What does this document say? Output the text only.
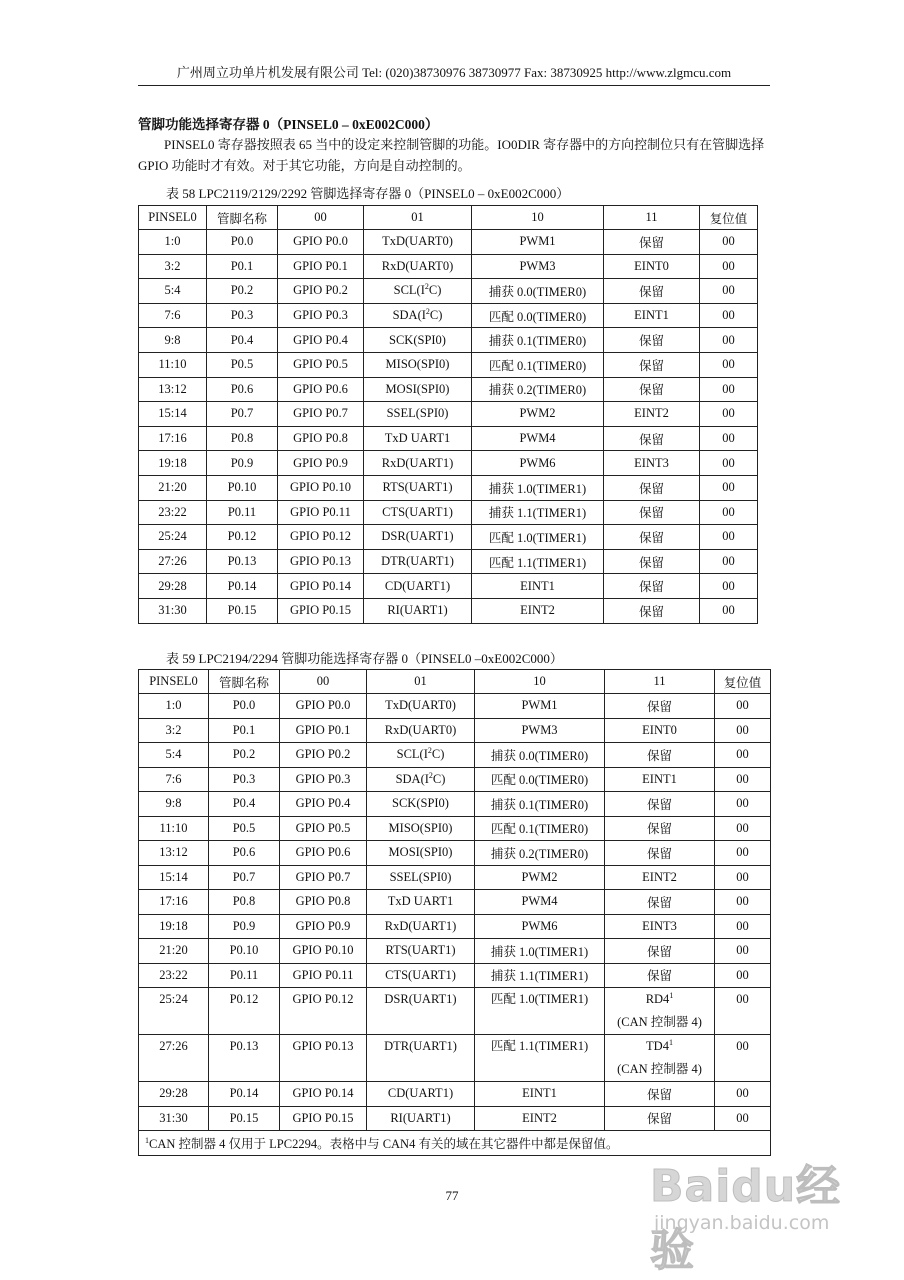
广州周立功单片机发展有限公司 Tel: (020)38730976 38730977 Fax: 38730925 http://www.zlgmcu.com
管脚功能选择寄存器 0（PINSEL0 – 0xE002C000）
PINSEL0 寄存器按照表 65 当中的设定来控制管脚的功能。IO0DIR 寄存器中的方向控制位只有在管脚选择 GPIO 功能时才有效。对于其它功能，方向是自动控制的。
表 58 LPC2119/2129/2292 管脚选择寄存器 0（PINSEL0 – 0xE002C000）
PINSEL0	管脚名称	00	01	10	11	复位值
1:0	P0.0	GPIO P0.0	TxD(UART0)	PWM1	保留	00
3:2	P0.1	GPIO P0.1	RxD(UART0)	PWM3	EINT0	00
5:4	P0.2	GPIO P0.2	$SCL(I^2C)$	捕获 0.0(TIMER0)	保留	00
7:6	P0.3	GPIO P0.3	$SDA(I^2C)$	匹配 0.0(TIMER0)	EINT1	00
9:8	P0.4	GPIO P0.4	SCK(SPI0)	捕获 0.1(TIMER0)	保留	00
11:10	P0.5	GPIO P0.5	MISO(SPI0)	匹配 0.1(TIMER0)	保留	00
13:12	P0.6	GPIO P0.6	MOSI(SPI0)	捕获 0.2(TIMER0)	保留	00
15:14	P0.7	GPIO P0.7	SSEL(SPI0)	PWM2	EINT2	00
17:16	P0.8	GPIO P0.8	TxD UART1	PWM4	保留	00
19:18	P0.9	GPIO P0.9	RxD(UART1)	PWM6	EINT3	00
21:20	P0.10	GPIO P0.10	RTS(UART1)	捕获 1.0(TIMER1)	保留	00
23:22	P0.11	GPIO P0.11	CTS(UART1)	捕获 1.1(TIMER1)	保留	00
25:24	P0.12	GPIO P0.12	DSR(UART1)	匹配 1.0(TIMER1)	保留	00
27:26	P0.13	GPIO P0.13	DTR(UART1)	匹配 1.1(TIMER1)	保留	00
29:28	P0.14	GPIO P0.14	CD(UART1)	EINT1	保留	00
31:30	P0.15	GPIO P0.15	RI(UART1)	EINT2	保留	00
表 59 LPC2194/2294 管脚功能选择寄存器 0（PINSEL0 –0xE002C000）
PINSEL0	管脚名称	00	01	10	11	复位值
1:0	P0.0	GPIO P0.0	TxD(UART0)	PWM1	保留	00
3:2	P0.1	GPIO P0.1	RxD(UART0)	PWM3	EINT0	00
5:4	P0.2	GPIO P0.2	$SCL(I^2C)$	捕获 0.0(TIMER0)	保留	00
7:6	P0.3	GPIO P0.3	$SDA(I^2C)$	匹配 0.0(TIMER0)	EINT1	00
9:8	P0.4	GPIO P0.4	SCK(SPI0)	捕获 0.1(TIMER0)	保留	00
11:10	P0.5	GPIO P0.5	MISO(SPI0)	匹配 0.1(TIMER0)	保留	00
13:12	P0.6	GPIO P0.6	MOSI(SPI0)	捕获 0.2(TIMER0)	保留	00
15:14	P0.7	GPIO P0.7	SSEL(SPI0)	PWM2	EINT2	00
17:16	P0.8	GPIO P0.8	TxD UART1	PWM4	保留	00
19:18	P0.9	GPIO P0.9	RxD(UART1)	PWM6	EINT3	00
21:20	P0.10	GPIO P0.10	RTS(UART1)	捕获 1.0(TIMER1)	保留	00
23:22	P0.11	GPIO P0.11	CTS(UART1)	捕获 1.1(TIMER1)	保留	00
25:24	P0.12	GPIO P0.12	DSR(UART1)	匹配 1.0(TIMER1)	$RD4^1$
(CAN 控制器 4)	00
27:26	P0.13	GPIO P0.13	DTR(UART1)	匹配 1.1(TIMER1)	$TD4^1$
(CAN 控制器 4)	00
29:28	P0.14	GPIO P0.14	CD(UART1)	EINT1	保留	00
31:30	P0.15	GPIO P0.15	RI(UART1)	EINT2	保留	00
$^1$CAN 控制器 4 仅用于 LPC2294。表格中与 CAN4 有关的域在其它器件中都是保留值。						
77	Baidu经验
jingyan.baidu.com
